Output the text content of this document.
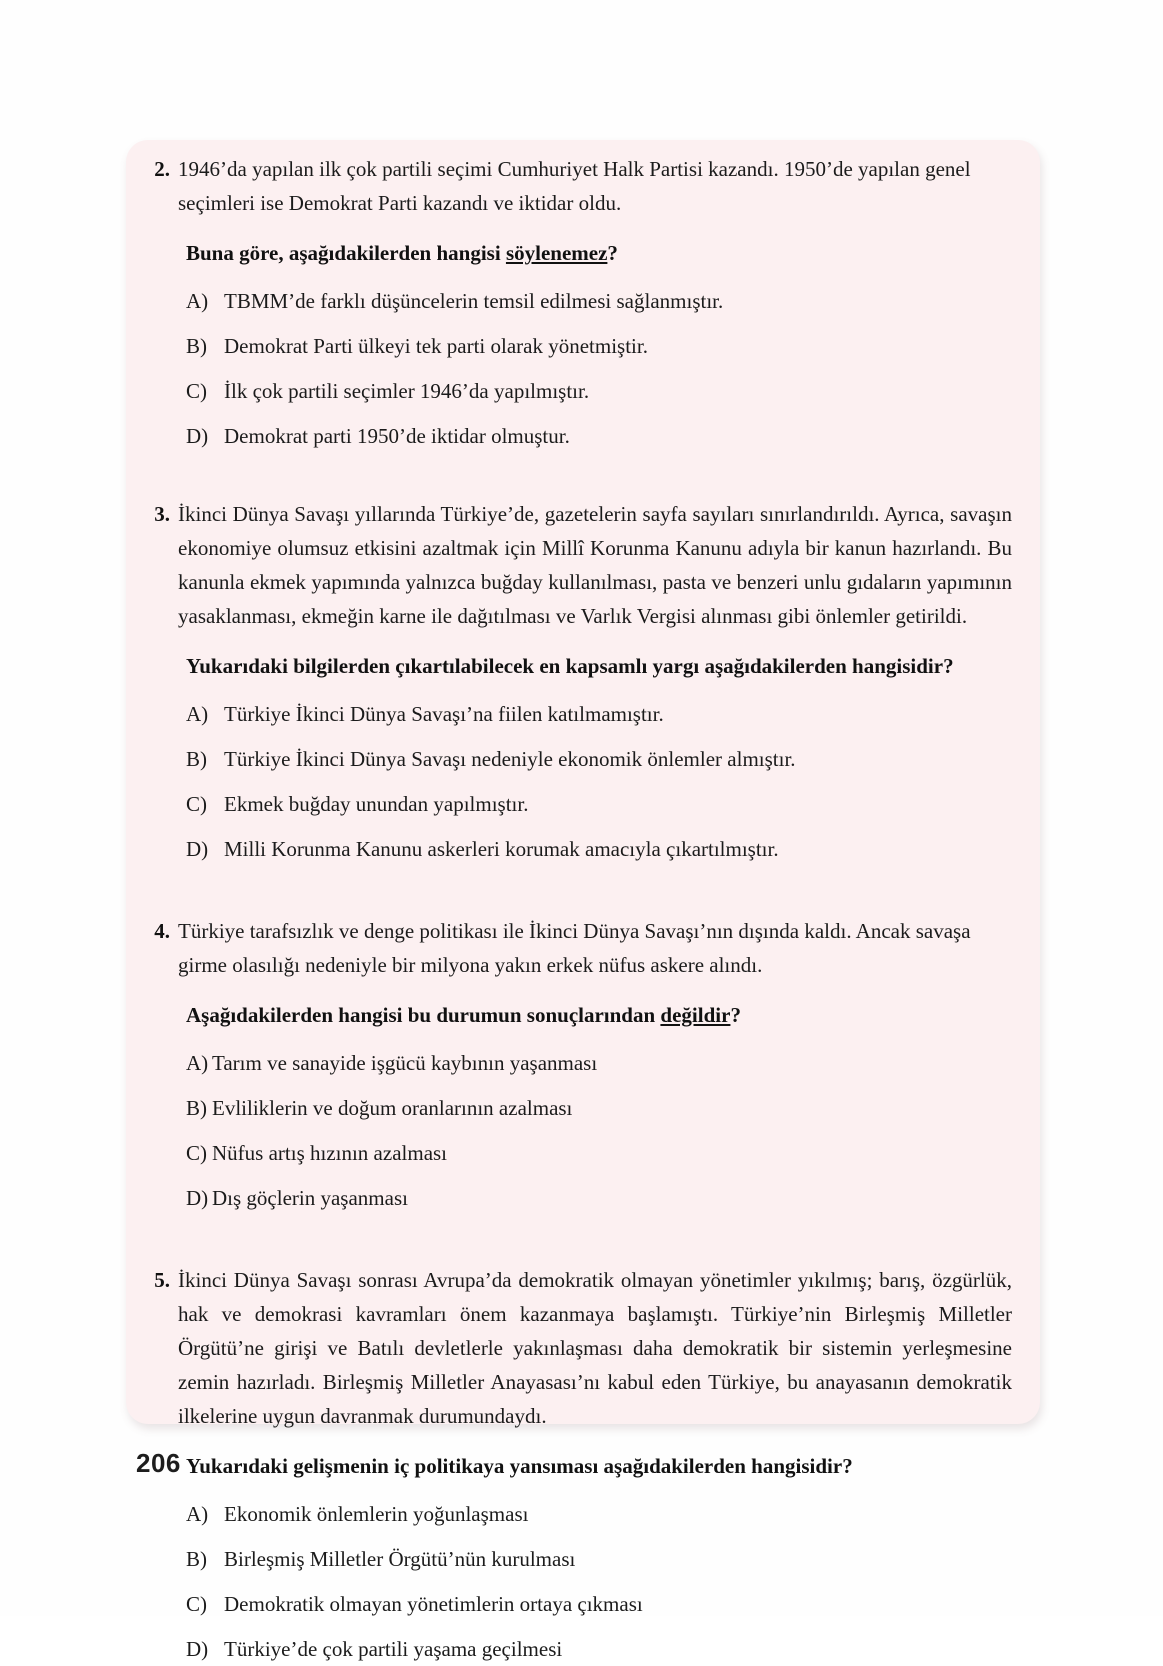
2. 1946’da yapılan ilk çok partili seçimi Cumhuriyet Halk Partisi kazandı. 1950’de yapılan genel seçimleri ise Demokrat Parti kazandı ve iktidar oldu.
Buna göre, aşağıdakilerden hangisi söylenemez?
A) TBMM’de farklı düşüncelerin temsil edilmesi sağlanmıştır.
B) Demokrat Parti ülkeyi tek parti olarak yönetmiştir.
C) İlk çok partili seçimler 1946’da yapılmıştır.
D) Demokrat parti 1950’de iktidar olmuştur.
3. İkinci Dünya Savaşı yıllarında Türkiye’de, gazetelerin sayfa sayıları sınırlandırıldı. Ayrıca, savaşın ekonomiye olumsuz etkisini azaltmak için Millî Korunma Kanunu adıyla bir kanun hazırlandı. Bu kanunla ekmek yapımında yalnızca buğday kullanılması, pasta ve benzeri unlu gıdaların yapımının yasaklanması, ekmeğin karne ile dağıtılması ve Varlık Vergisi alınması gibi önlemler getirildi.
Yukarıdaki bilgilerden çıkartılabilecek en kapsamlı yargı aşağıdakilerden hangisidir?
A) Türkiye İkinci Dünya Savaşı’na fiilen katılmamıştır.
B) Türkiye İkinci Dünya Savaşı nedeniyle ekonomik önlemler almıştır.
C) Ekmek buğday unundan yapılmıştır.
D) Milli Korunma Kanunu askerleri korumak amacıyla çıkartılmıştır.
4. Türkiye tarafsızlık ve denge politikası ile İkinci Dünya Savaşı’nın dışında kaldı. Ancak savaşa girme olasılığı nedeniyle bir milyona yakın erkek nüfus askere alındı.
Aşağıdakilerden hangisi bu durumun sonuçlarından değildir?
A) Tarım ve sanayide işgücü kaybının yaşanması
B) Evliliklerin ve doğum oranlarının azalması
C) Nüfus artış hızının azalması
D) Dış göçlerin yaşanması
5. İkinci Dünya Savaşı sonrası Avrupa’da demokratik olmayan yönetimler yıkılmış; barış, özgürlük, hak ve demokrasi kavramları önem kazanmaya başlamıştı. Türkiye’nin Birleşmiş Milletler Örgütü’ne girişi ve Batılı devletlerle yakınlaşması daha demokratik bir sistemin yerleşmesine zemin hazırladı. Birleşmiş Milletler Anayasası’nı kabul eden Türkiye, bu anayasanın demokratik ilkelerine uygun davranmak durumundaydı.
Yukarıdaki gelişmenin iç politikaya yansıması aşağıdakilerden hangisidir?
A) Ekonomik önlemlerin yoğunlaşması
B) Birleşmiş Milletler Örgütü’nün kurulması
C) Demokratik olmayan yönetimlerin ortaya çıkması
D) Türkiye’de çok partili yaşama geçilmesi
206
